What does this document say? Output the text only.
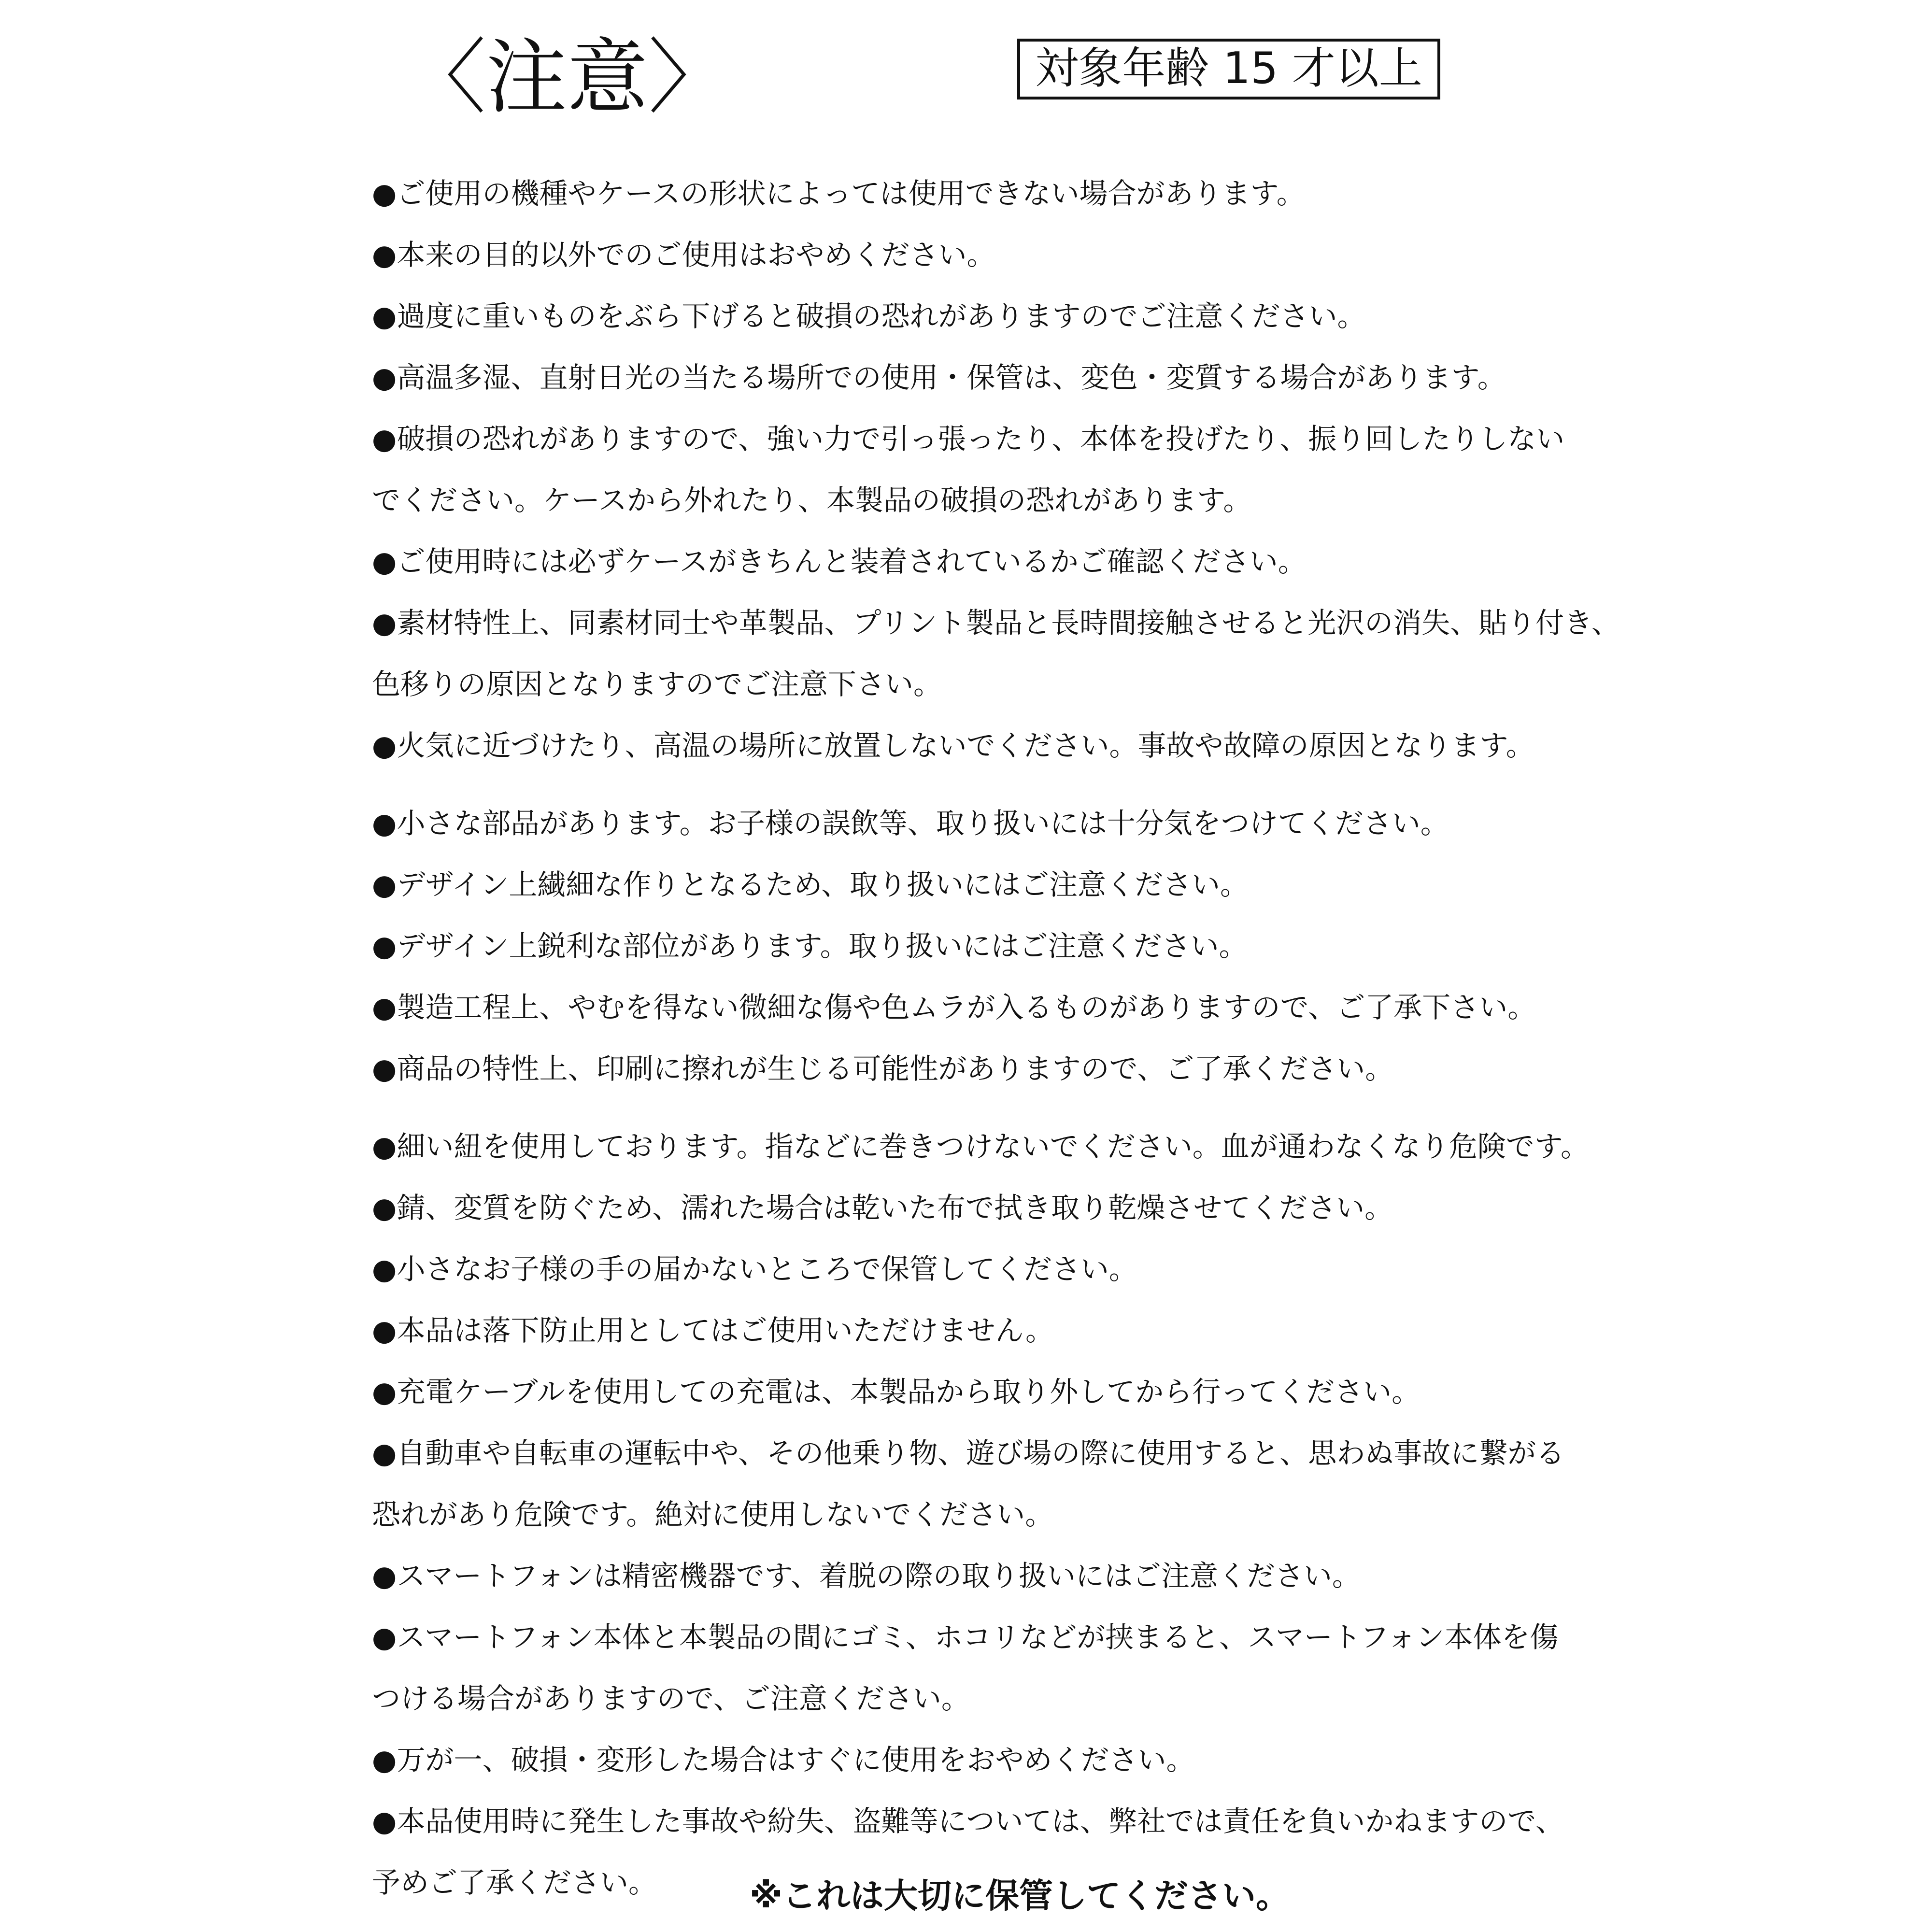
〈注意〉	対象年齢 15 才以上
●ご使用の機種やケースの形状によっては使用できない場合があります。
●本来の目的以外でのご使用はおやめください。
●過度に重いものをぶら下げると破損の恐れがありますのでご注意ください。
●高温多湿、直射日光の当たる場所での使用・保管は、変色・変質する場合があります。
●破損の恐れがありますので、強い力で引っ張ったり、本体を投げたり、振り回したりしない
でください。ケースから外れたり、本製品の破損の恐れがあります。
●ご使用時には必ずケースがきちんと装着されているかご確認ください。
●素材特性上、同素材同士や革製品、プリント製品と長時間接触させると光沢の消失、貼り付き、
色移りの原因となりますのでご注意下さい。
●火気に近づけたり、高温の場所に放置しないでください。事故や故障の原因となります。
●小さな部品があります。お子様の誤飲等、取り扱いには十分気をつけてください。
●デザイン上繊細な作りとなるため、取り扱いにはご注意ください。
●デザイン上鋭利な部位があります。取り扱いにはご注意ください。
●製造工程上、やむを得ない微細な傷や色ムラが入るものがありますので、ご了承下さい。
●商品の特性上、印刷に擦れが生じる可能性がありますので、ご了承ください。
●細い紐を使用しております。指などに巻きつけないでください。血が通わなくなり危険です。
●錆、変質を防ぐため、濡れた場合は乾いた布で拭き取り乾燥させてください。
●小さなお子様の手の届かないところで保管してください。
●本品は落下防止用としてはご使用いただけません。
●充電ケーブルを使用しての充電は、本製品から取り外してから行ってください。
●自動車や自転車の運転中や、その他乗り物、遊び場の際に使用すると、思わぬ事故に繋がる
恐れがあり危険です。絶対に使用しないでください。
●スマートフォンは精密機器です、着脱の際の取り扱いにはご注意ください。
●スマートフォン本体と本製品の間にゴミ、ホコリなどが挟まると、スマートフォン本体を傷
つける場合がありますので、ご注意ください。
●万が一、破損・変形した場合はすぐに使用をおやめください。
●本品使用時に発生した事故や紛失、盗難等については、弊社では責任を負いかねますので、
予めご了承ください。	※これは大切に保管してください。
